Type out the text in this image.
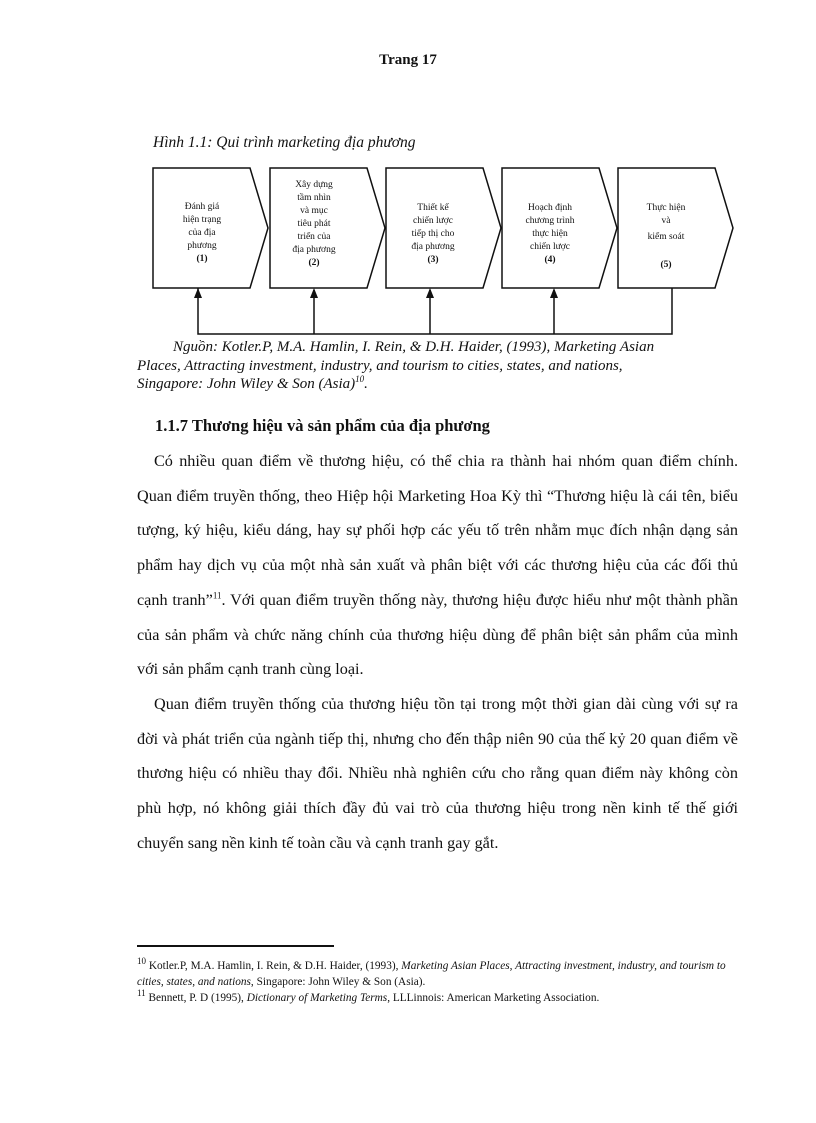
Trang 17
Hình 1.1: Qui trình marketing địa phương
Đánh giá
hiện trạng
của địa
phương
(1)
Xây dựng
tầm nhìn
và mục
tiêu phát
triển của
địa phương
(2)
Thiết kế
chiến lược
tiếp thị cho
địa phương
(3)
Hoạch định
chương trình
thực hiện
chiến lược
(4)
Thực hiện
và
kiểm soát
(5)

Nguồn: Kotler.P, M.A. Hamlin, I. Rein, & D.H. Haider, (1993), Marketing Asian

Places, Attracting investment, industry, and tourism to cities, states, and nations,

Singapore: John Wiley & Son (Asia)$^{10}$.

1.1.7 Thương hiệu và sản phẩm của địa phương

Có nhiều quan điểm về thương hiệu, có thể chia ra thành hai nhóm quan điểm chính. Quan điểm truyền thống, theo Hiệp hội Marketing Hoa Kỳ thì “Thương hiệu là cái tên, biểu tượng, ký hiệu, kiểu dáng, hay sự phối hợp các yếu tố trên nhằm mục đích nhận dạng sản phẩm hay dịch vụ của một nhà sản xuất và phân biệt với các thương hiệu của các đối thủ cạnh tranh”$^{11}$. Với quan điểm truyền thống này, thương hiệu được hiểu như một thành phần của sản phẩm và chức năng chính của thương hiệu dùng để phân biệt sản phẩm của mình với sản phẩm cạnh tranh cùng loại.

Quan điểm truyền thống của thương hiệu tồn tại trong một thời gian dài cùng với sự ra đời và phát triển của ngành tiếp thị, nhưng cho đến thập niên 90 của thế kỷ 20 quan điểm về thương hiệu có nhiều thay đổi. Nhiều nhà nghiên cứu cho rằng quan điểm này không còn phù hợp, nó không giải thích đầy đủ vai trò của thương hiệu trong nền kinh tế thế giới chuyển sang nền kinh tế toàn cầu và cạnh tranh gay gắt.

$^{10}$ Kotler.P, M.A. Hamlin, I. Rein, & D.H. Haider, (1993), Marketing Asian Places, Attracting investment, industry, and tourism to cities, states, and nations, Singapore: John Wiley & Son (Asia).

$^{11}$ Bennett, P. D (1995), Dictionary of Marketing Terms, LLLinnois: American Marketing Association.
